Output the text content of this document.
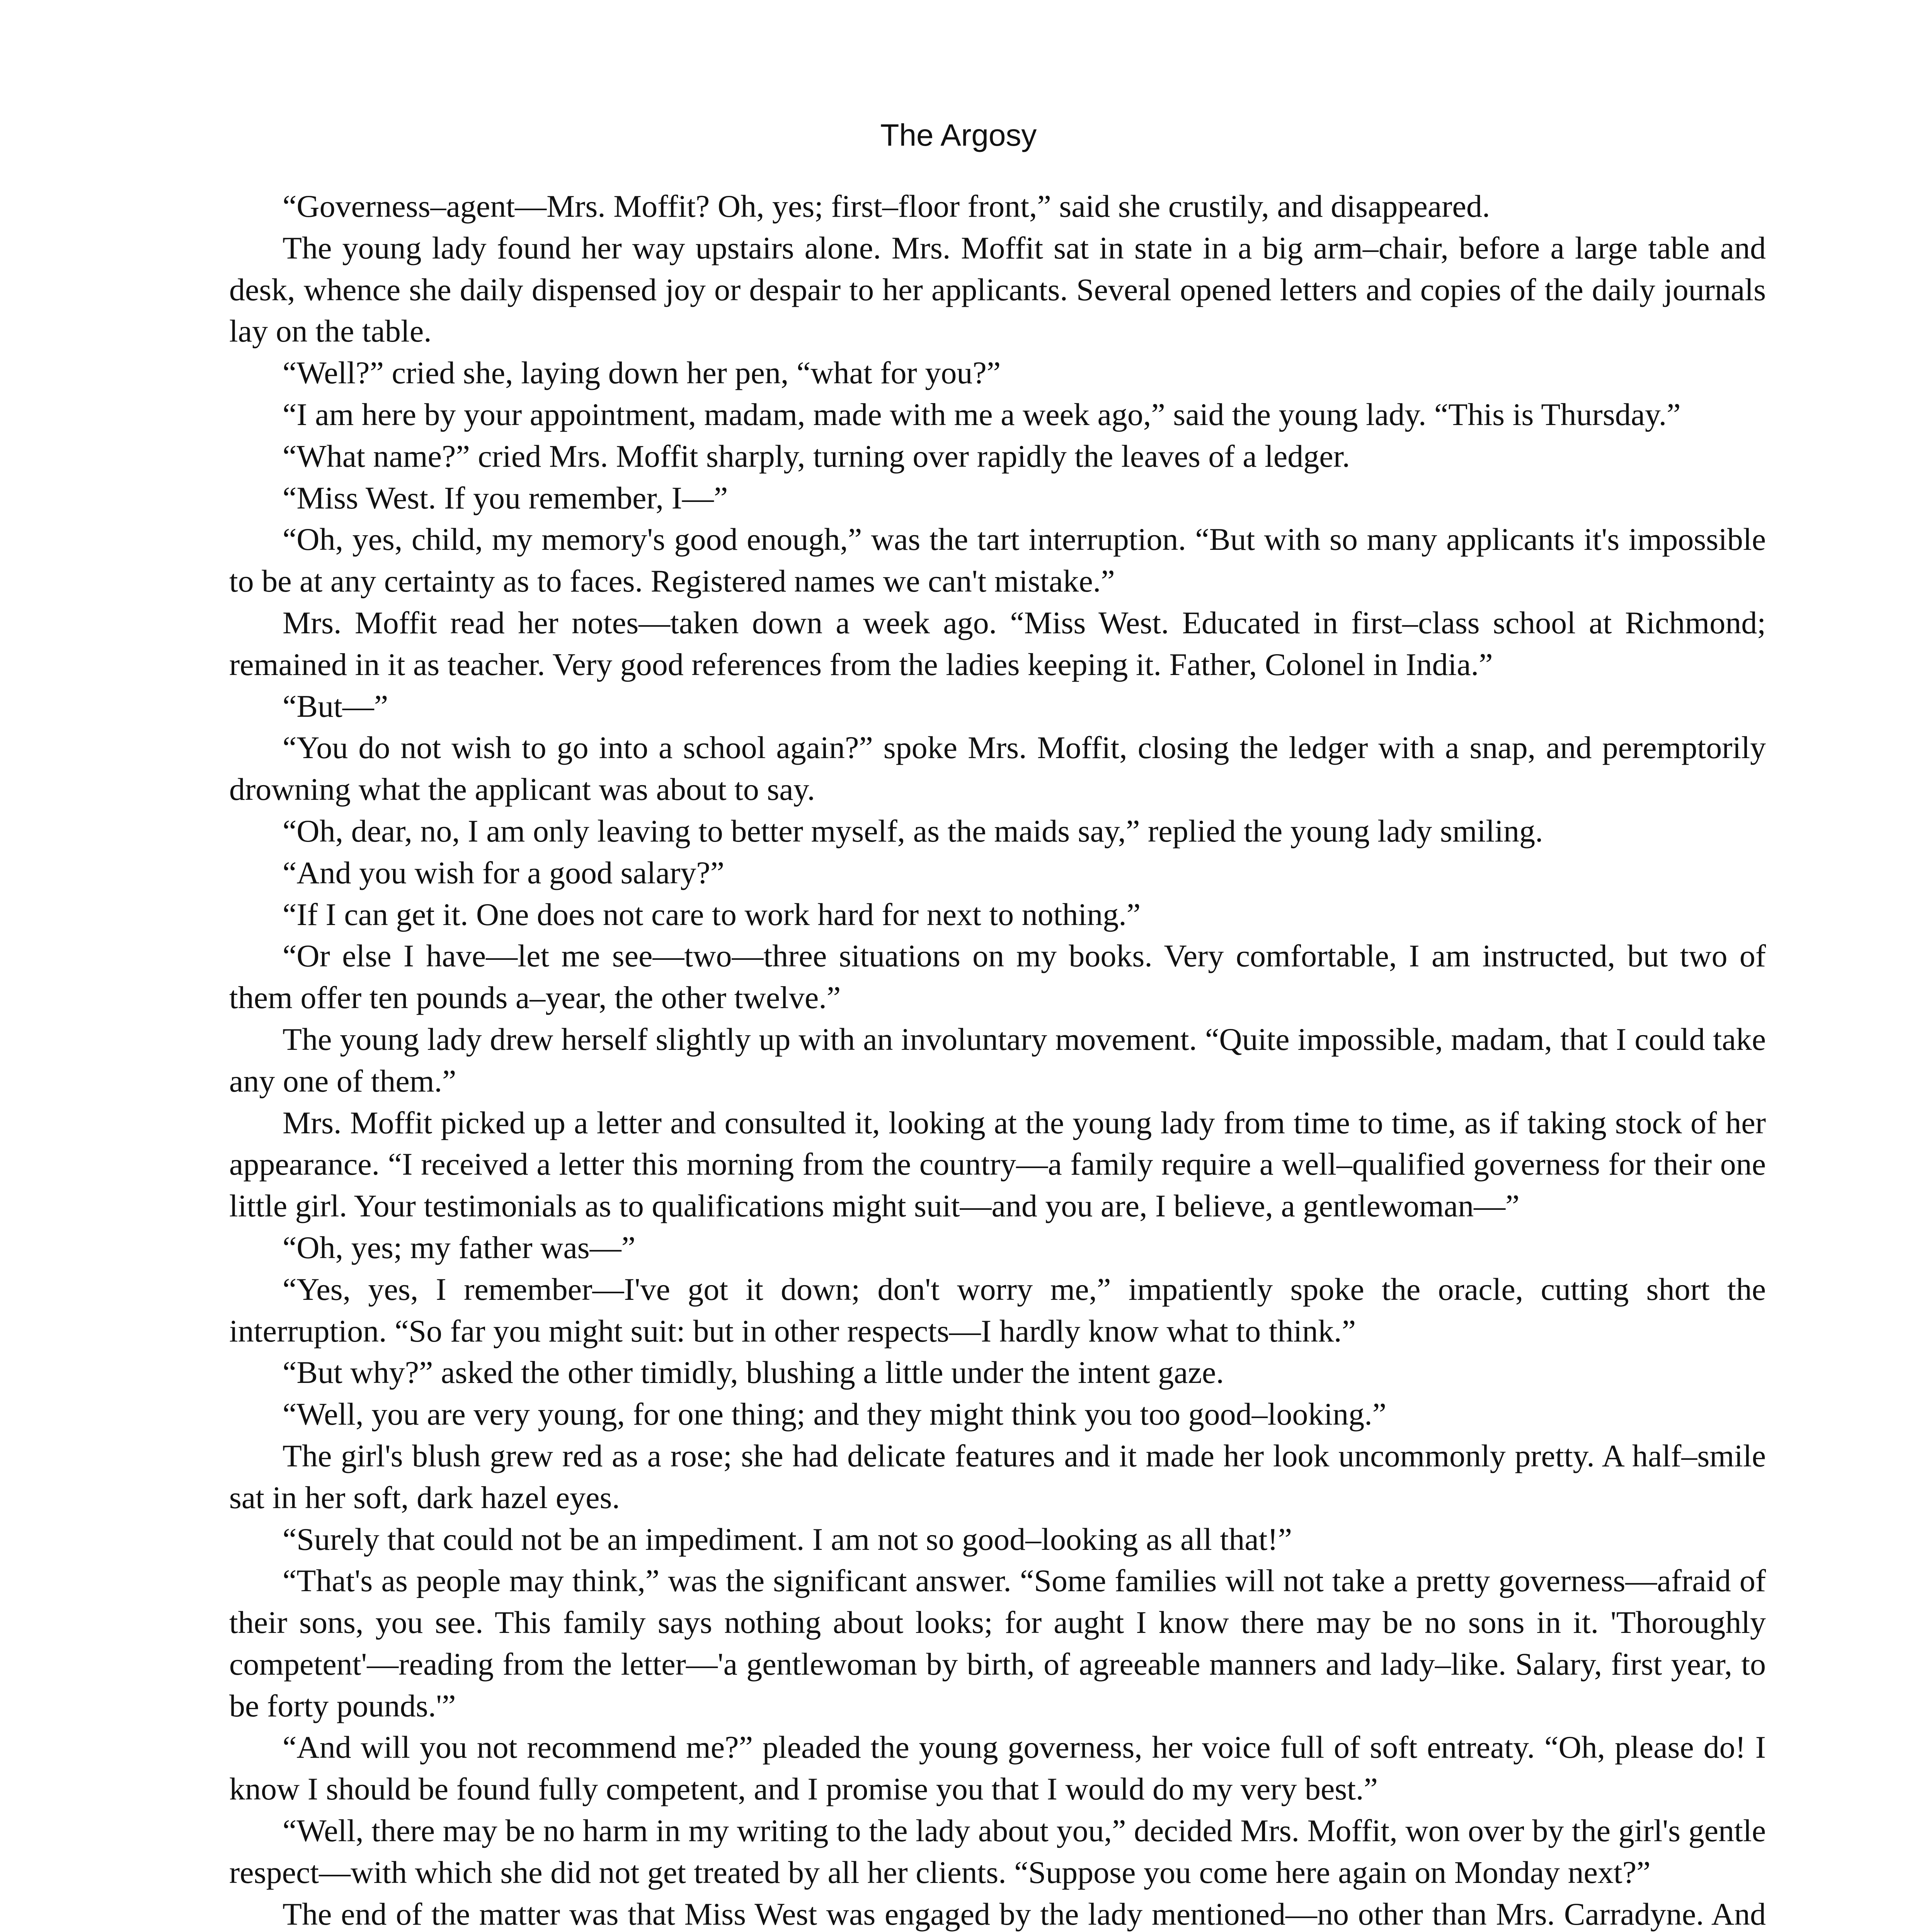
The Argosy

“Governess–agent—Mrs. Moffit? Oh, yes; first–floor front,” said she crustily, and disappeared.

The young lady found her way upstairs alone. Mrs. Moffit sat in state in a big arm–chair, before a large table and desk, whence she daily dispensed joy or despair to her applicants. Several opened letters and copies of the daily journals lay on the table.

“Well?” cried she, laying down her pen, “what for you?”

“I am here by your appointment, madam, made with me a week ago,” said the young lady. “This is Thursday.”

“What name?” cried Mrs. Moffit sharply, turning over rapidly the leaves of a ledger.

“Miss West. If you remember, I—”

“Oh, yes, child, my memory's good enough,” was the tart interruption. “But with so many applicants it's impossible to be at any certainty as to faces. Registered names we can't mistake.”

Mrs. Moffit read her notes—taken down a week ago. “Miss West. Educated in first–class school at Richmond; remained in it as teacher. Very good references from the ladies keeping it. Father, Colonel in India.”

“But—”

“You do not wish to go into a school again?” spoke Mrs. Moffit, closing the ledger with a snap, and peremptorily drowning what the applicant was about to say.

“Oh, dear, no, I am only leaving to better myself, as the maids say,” replied the young lady smiling.

“And you wish for a good salary?”

“If I can get it. One does not care to work hard for next to nothing.”

“Or else I have—let me see—two—three situations on my books. Very comfortable, I am instructed, but two of them offer ten pounds a–year, the other twelve.”

The young lady drew herself slightly up with an involuntary movement. “Quite impossible, madam, that I could take any one of them.”

Mrs. Moffit picked up a letter and consulted it, looking at the young lady from time to time, as if taking stock of her appearance. “I received a letter this morning from the country—a family require a well–qualified governess for their one little girl. Your testimonials as to qualifications might suit—and you are, I believe, a gentlewoman—”

“Oh, yes; my father was—”

“Yes, yes, I remember—I've got it down; don't worry me,” impatiently spoke the oracle, cutting short the interruption. “So far you might suit: but in other respects—I hardly know what to think.”

“But why?” asked the other timidly, blushing a little under the intent gaze.

“Well, you are very young, for one thing; and they might think you too good–looking.”

The girl's blush grew red as a rose; she had delicate features and it made her look uncommonly pretty. A half–smile sat in her soft, dark hazel eyes.

“Surely that could not be an impediment. I am not so good–looking as all that!”

“That's as people may think,” was the significant answer. “Some families will not take a pretty governess—afraid of their sons, you see. This family says nothing about looks; for aught I know there may be no sons in it. 'Thoroughly competent'—reading from the letter—'a gentlewoman by birth, of agreeable manners and lady–like. Salary, first year, to be forty pounds.'”

“And will you not recommend me?” pleaded the young governess, her voice full of soft entreaty. “Oh, please do! I know I should be found fully competent, and I promise you that I would do my very best.”

“Well, there may be no harm in my writing to the lady about you,” decided Mrs. Moffit, won over by the girl's gentle respect—with which she did not get treated by all her clients. “Suppose you come here again on Monday next?”

The end of the matter was that Miss West was engaged by the lady mentioned—no other than Mrs. Carradyne. And
